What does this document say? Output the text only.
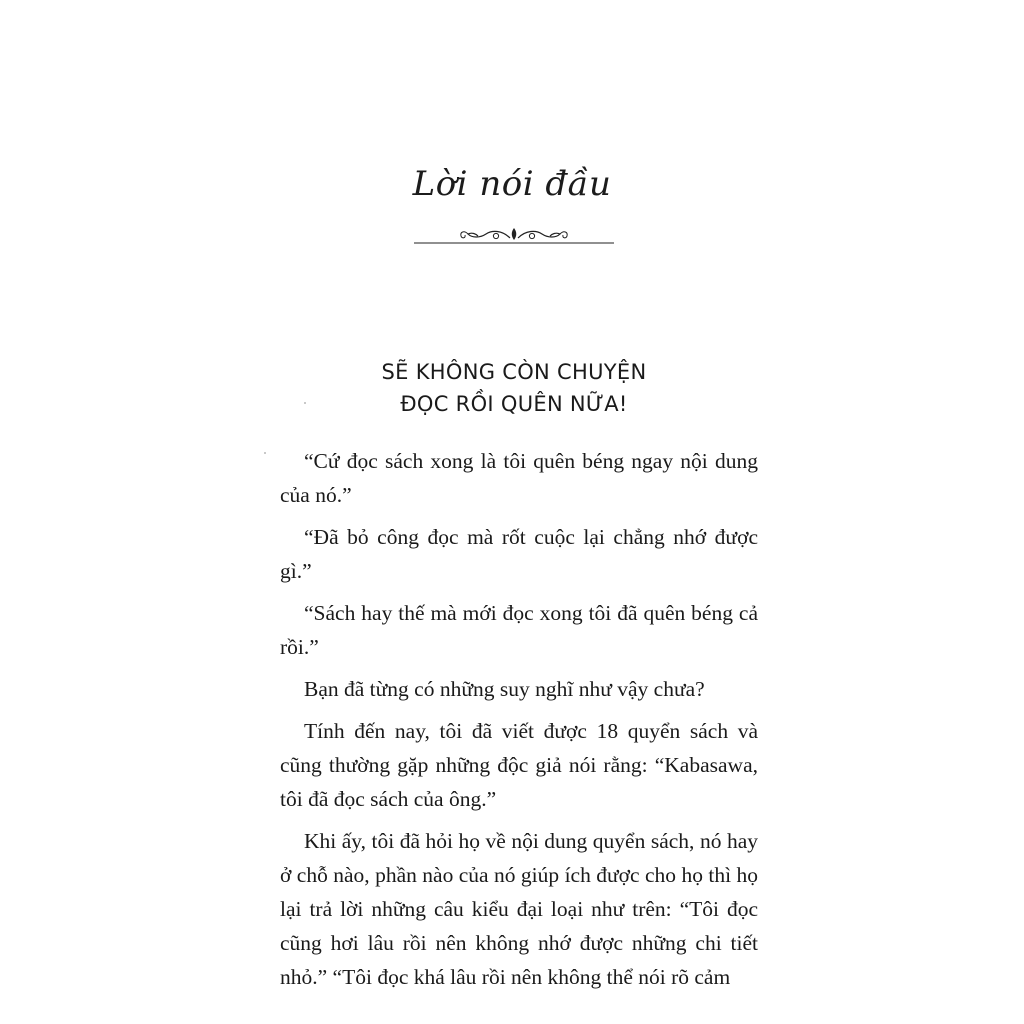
Lời nói đầu
SẼ KHÔNG CÒN CHUYỆN
ĐỌC RỒI QUÊN NỮA!

“Cứ đọc sách xong là tôi quên béng ngay nội dung của nó.”

“Đã bỏ công đọc mà rốt cuộc lại chẳng nhớ được gì.”

“Sách hay thế mà mới đọc xong tôi đã quên béng cả rồi.”

Bạn đã từng có những suy nghĩ như vậy chưa?

Tính đến nay, tôi đã viết được 18 quyển sách và cũng thường gặp những độc giả nói rằng: “Kabasawa, tôi đã đọc sách của ông.”

Khi ấy, tôi đã hỏi họ về nội dung quyển sách, nó hay ở chỗ nào, phần nào của nó giúp ích được cho họ thì họ lại trả lời những câu kiểu đại loại như trên: “Tôi đọc cũng hơi lâu rồi nên không nhớ được những chi tiết nhỏ.” “Tôi đọc khá lâu rồi nên không thể nói rõ cảm
